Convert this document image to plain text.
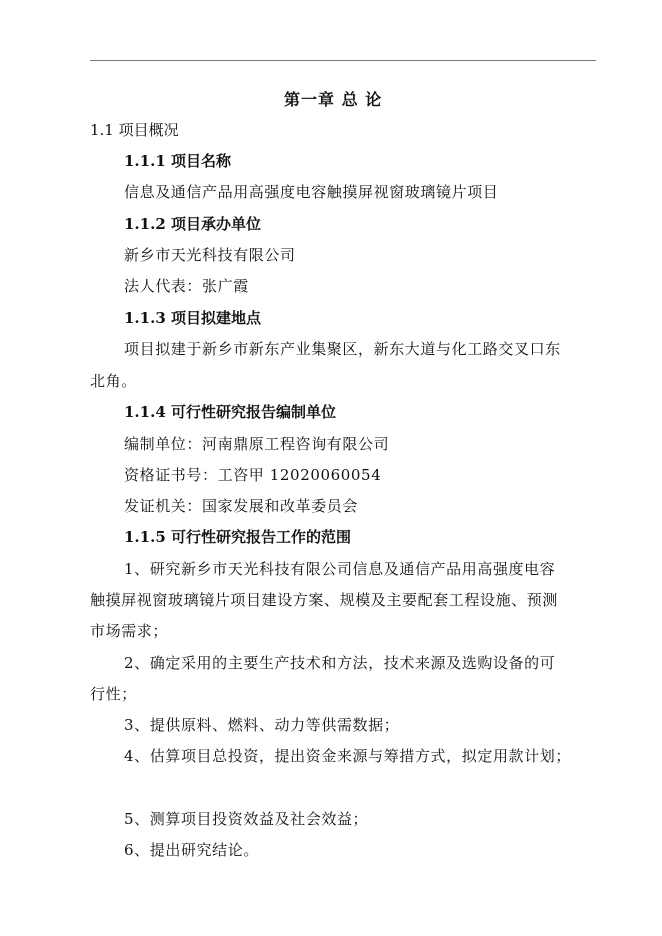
第一章 总 论
1.1 项目概况
1.1.1 项目名称
信息及通信产品用高强度电容触摸屏视窗玻璃镜片项目
1.1.2 项目承办单位
新乡市天光科技有限公司
法人代表：张广霞
1.1.3 项目拟建地点
项目拟建于新乡市新东产业集聚区，新东大道与化工路交叉口东
北角。
1.1.4 可行性研究报告编制单位
编制单位：河南鼎原工程咨询有限公司
资格证书号：工咨甲 12020060054
发证机关：国家发展和改革委员会
1.1.5 可行性研究报告工作的范围
1、研究新乡市天光科技有限公司信息及通信产品用高强度电容
触摸屏视窗玻璃镜片项目建设方案、规模及主要配套工程设施、预测
市场需求；
2、确定采用的主要生产技术和方法，技术来源及选购设备的可
行性；
3、提供原料、燃料、动力等供需数据；
4、估算项目总投资，提出资金来源与筹措方式，拟定用款计划；
5、测算项目投资效益及社会效益；
6、提出研究结论。
